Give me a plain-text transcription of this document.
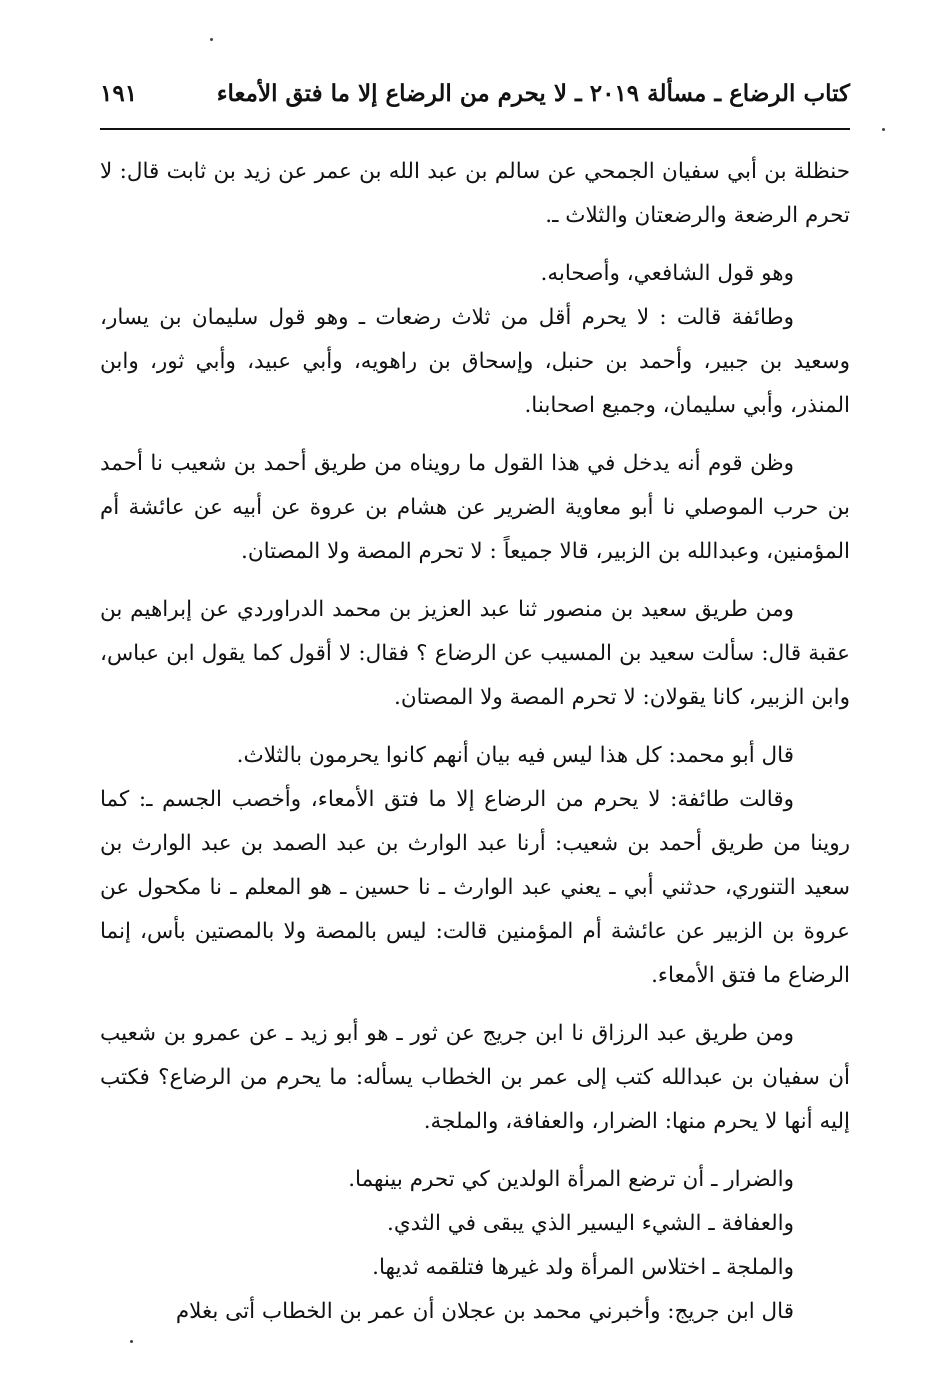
كتاب الرضاع ـ مسألة ٢٠١٩ ـ لا يحرم من الرضاع إلا ما فتق الأمعاء
١٩١

حنظلة بن أبي سفيان الجمحي عن سالم بن عبد الله بن عمر عن زيد بن ثابت قال: لا تحرم الرضعة والرضعتان والثلاث ـ.

وهو قول الشافعي، وأصحابه.

وطائفة قالت : لا يحرم أقل من ثلاث رضعات ـ وهو قول سليمان بن يسار، وسعيد بن جبير، وأحمد بن حنبل، وإسحاق بن راهويه، وأبي عبيد، وأبي ثور، وابن المنذر، وأبي سليمان، وجميع اصحابنا.

وظن قوم أنه يدخل في هذا القول ما رويناه من طريق أحمد بن شعيب نا أحمد بن حرب الموصلي نا أبو معاوية الضرير عن هشام بن عروة عن أبيه عن عائشة أم المؤمنين، وعبدالله بن الزبير، قالا جميعاً : لا تحرم المصة ولا المصتان.

ومن طريق سعيد بن منصور ثنا عبد العزيز بن محمد الدراوردي عن إبراهيم بن عقبة قال: سألت سعيد بن المسيب عن الرضاع ؟ فقال: لا أقول كما يقول ابن عباس، وابن الزبير، كانا يقولان: لا تحرم المصة ولا المصتان.

قال أبو محمد: كل هذا ليس فيه بيان أنهم كانوا يحرمون بالثلاث.

وقالت طائفة: لا يحرم من الرضاع إلا ما فتق الأمعاء، وأخصب الجسم ـ: كما روينا من طريق أحمد بن شعيب: أرنا عبد الوارث بن عبد الصمد بن عبد الوارث بن سعيد التنوري، حدثني أبي ـ يعني عبد الوارث ـ نا حسين ـ هو المعلم ـ نا مكحول عن عروة بن الزبير عن عائشة أم المؤمنين قالت: ليس بالمصة ولا بالمصتين بأس، إنما الرضاع ما فتق الأمعاء.

ومن طريق عبد الرزاق نا ابن جريج عن ثور ـ هو أبو زيد ـ عن عمرو بن شعيب أن سفيان بن عبدالله كتب إلى عمر بن الخطاب يسأله: ما يحرم من الرضاع؟ فكتب إليه أنها لا يحرم منها: الضرار، والعفافة، والملجة.

والضرار ـ أن ترضع المرأة الولدين كي تحرم بينهما.

والعفافة ـ الشيء اليسير الذي يبقى في الثدي.

والملجة ـ اختلاس المرأة ولد غيرها فتلقمه ثديها.

قال ابن جريج: وأخبرني محمد بن عجلان أن عمر بن الخطاب أتى بغلام
